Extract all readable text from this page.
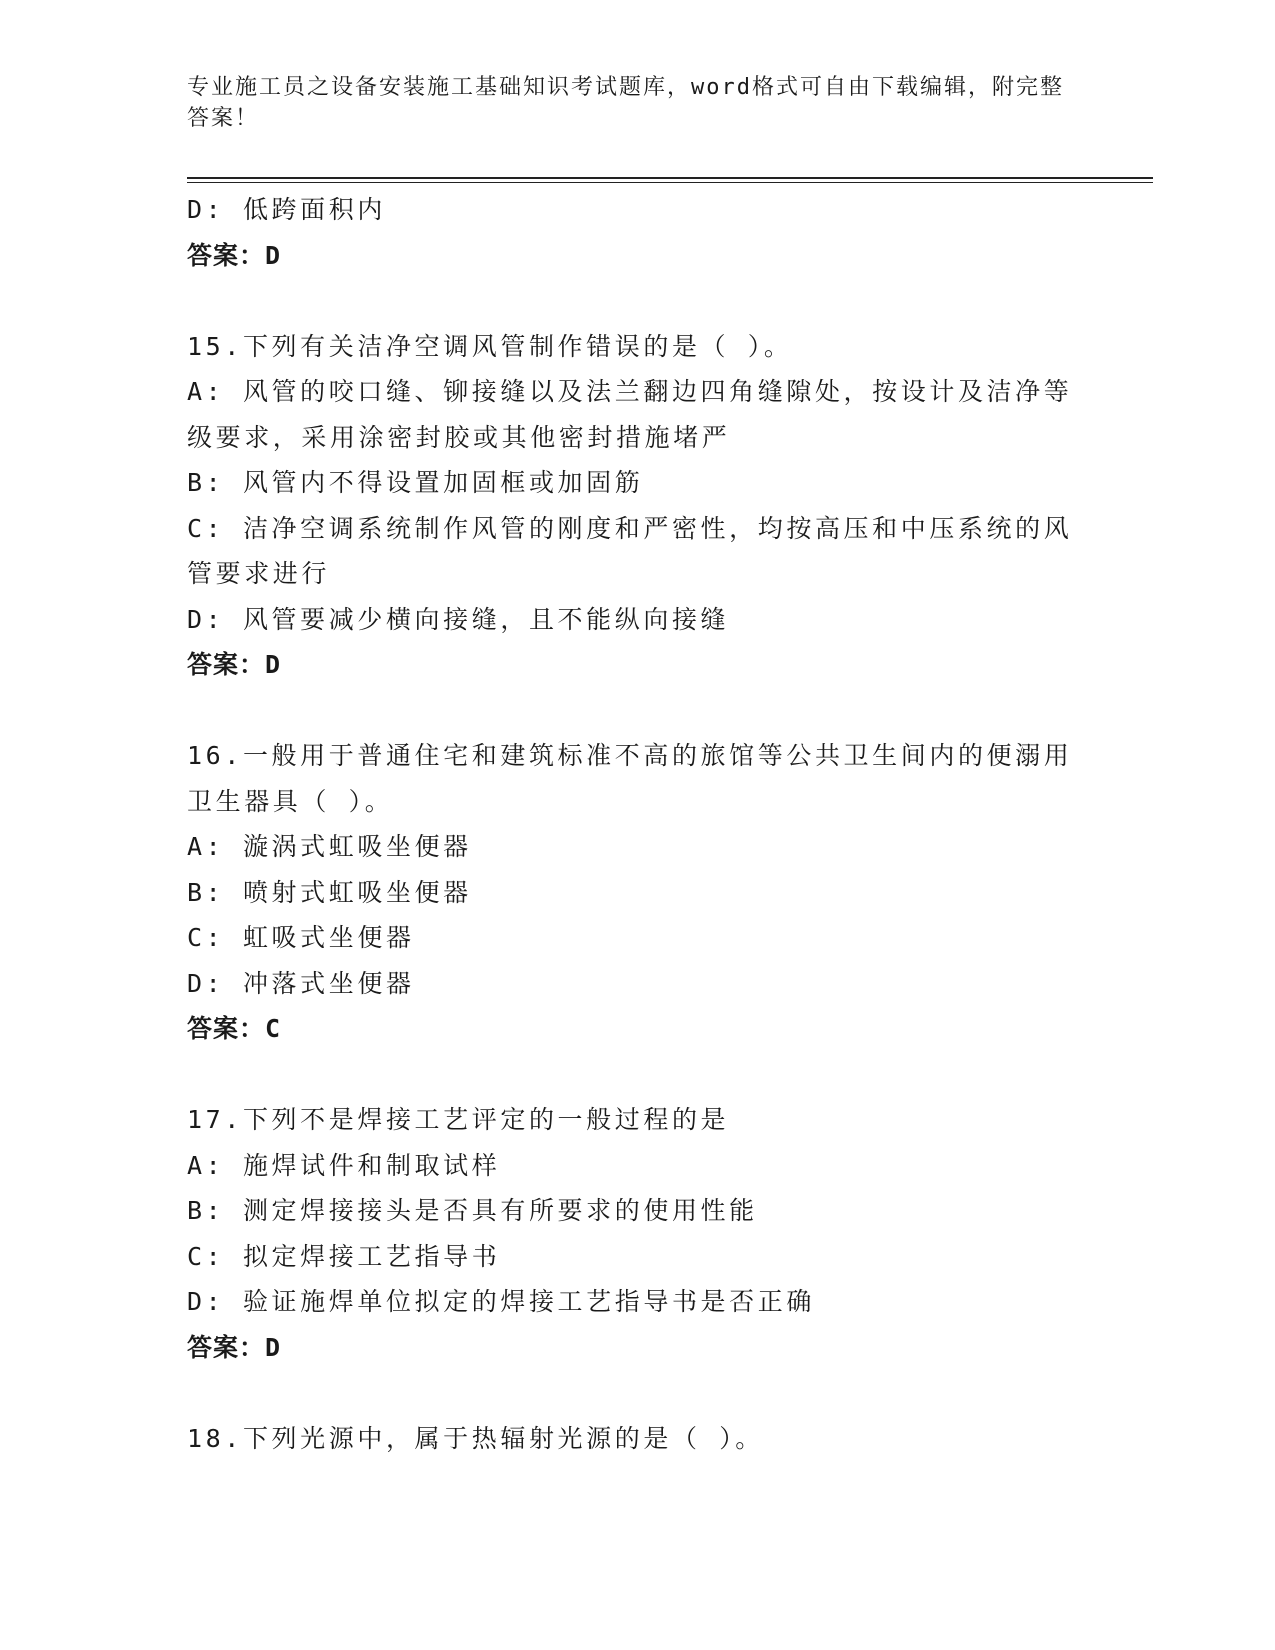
专业施工员之设备安装施工基础知识考试题库，word格式可自由下载编辑，附完整答案！

D: 低跨面积内
答案：D
15.下列有关洁净空调风管制作错误的是（ ）。
A: 风管的咬口缝、铆接缝以及法兰翻边四角缝隙处，按设计及洁净等
级要求，采用涂密封胶或其他密封措施堵严
B: 风管内不得设置加固框或加固筋
C: 洁净空调系统制作风管的刚度和严密性，均按高压和中压系统的风
管要求进行
D: 风管要减少横向接缝，且不能纵向接缝
答案：D
16.一般用于普通住宅和建筑标准不高的旅馆等公共卫生间内的便溺用
卫生器具（ ）。
A: 漩涡式虹吸坐便器
B: 喷射式虹吸坐便器
C: 虹吸式坐便器
D: 冲落式坐便器
答案：C
17.下列不是焊接工艺评定的一般过程的是
A: 施焊试件和制取试样
B: 测定焊接接头是否具有所要求的使用性能
C: 拟定焊接工艺指导书
D: 验证施焊单位拟定的焊接工艺指导书是否正确
答案：D
18.下列光源中，属于热辐射光源的是（ ）。
